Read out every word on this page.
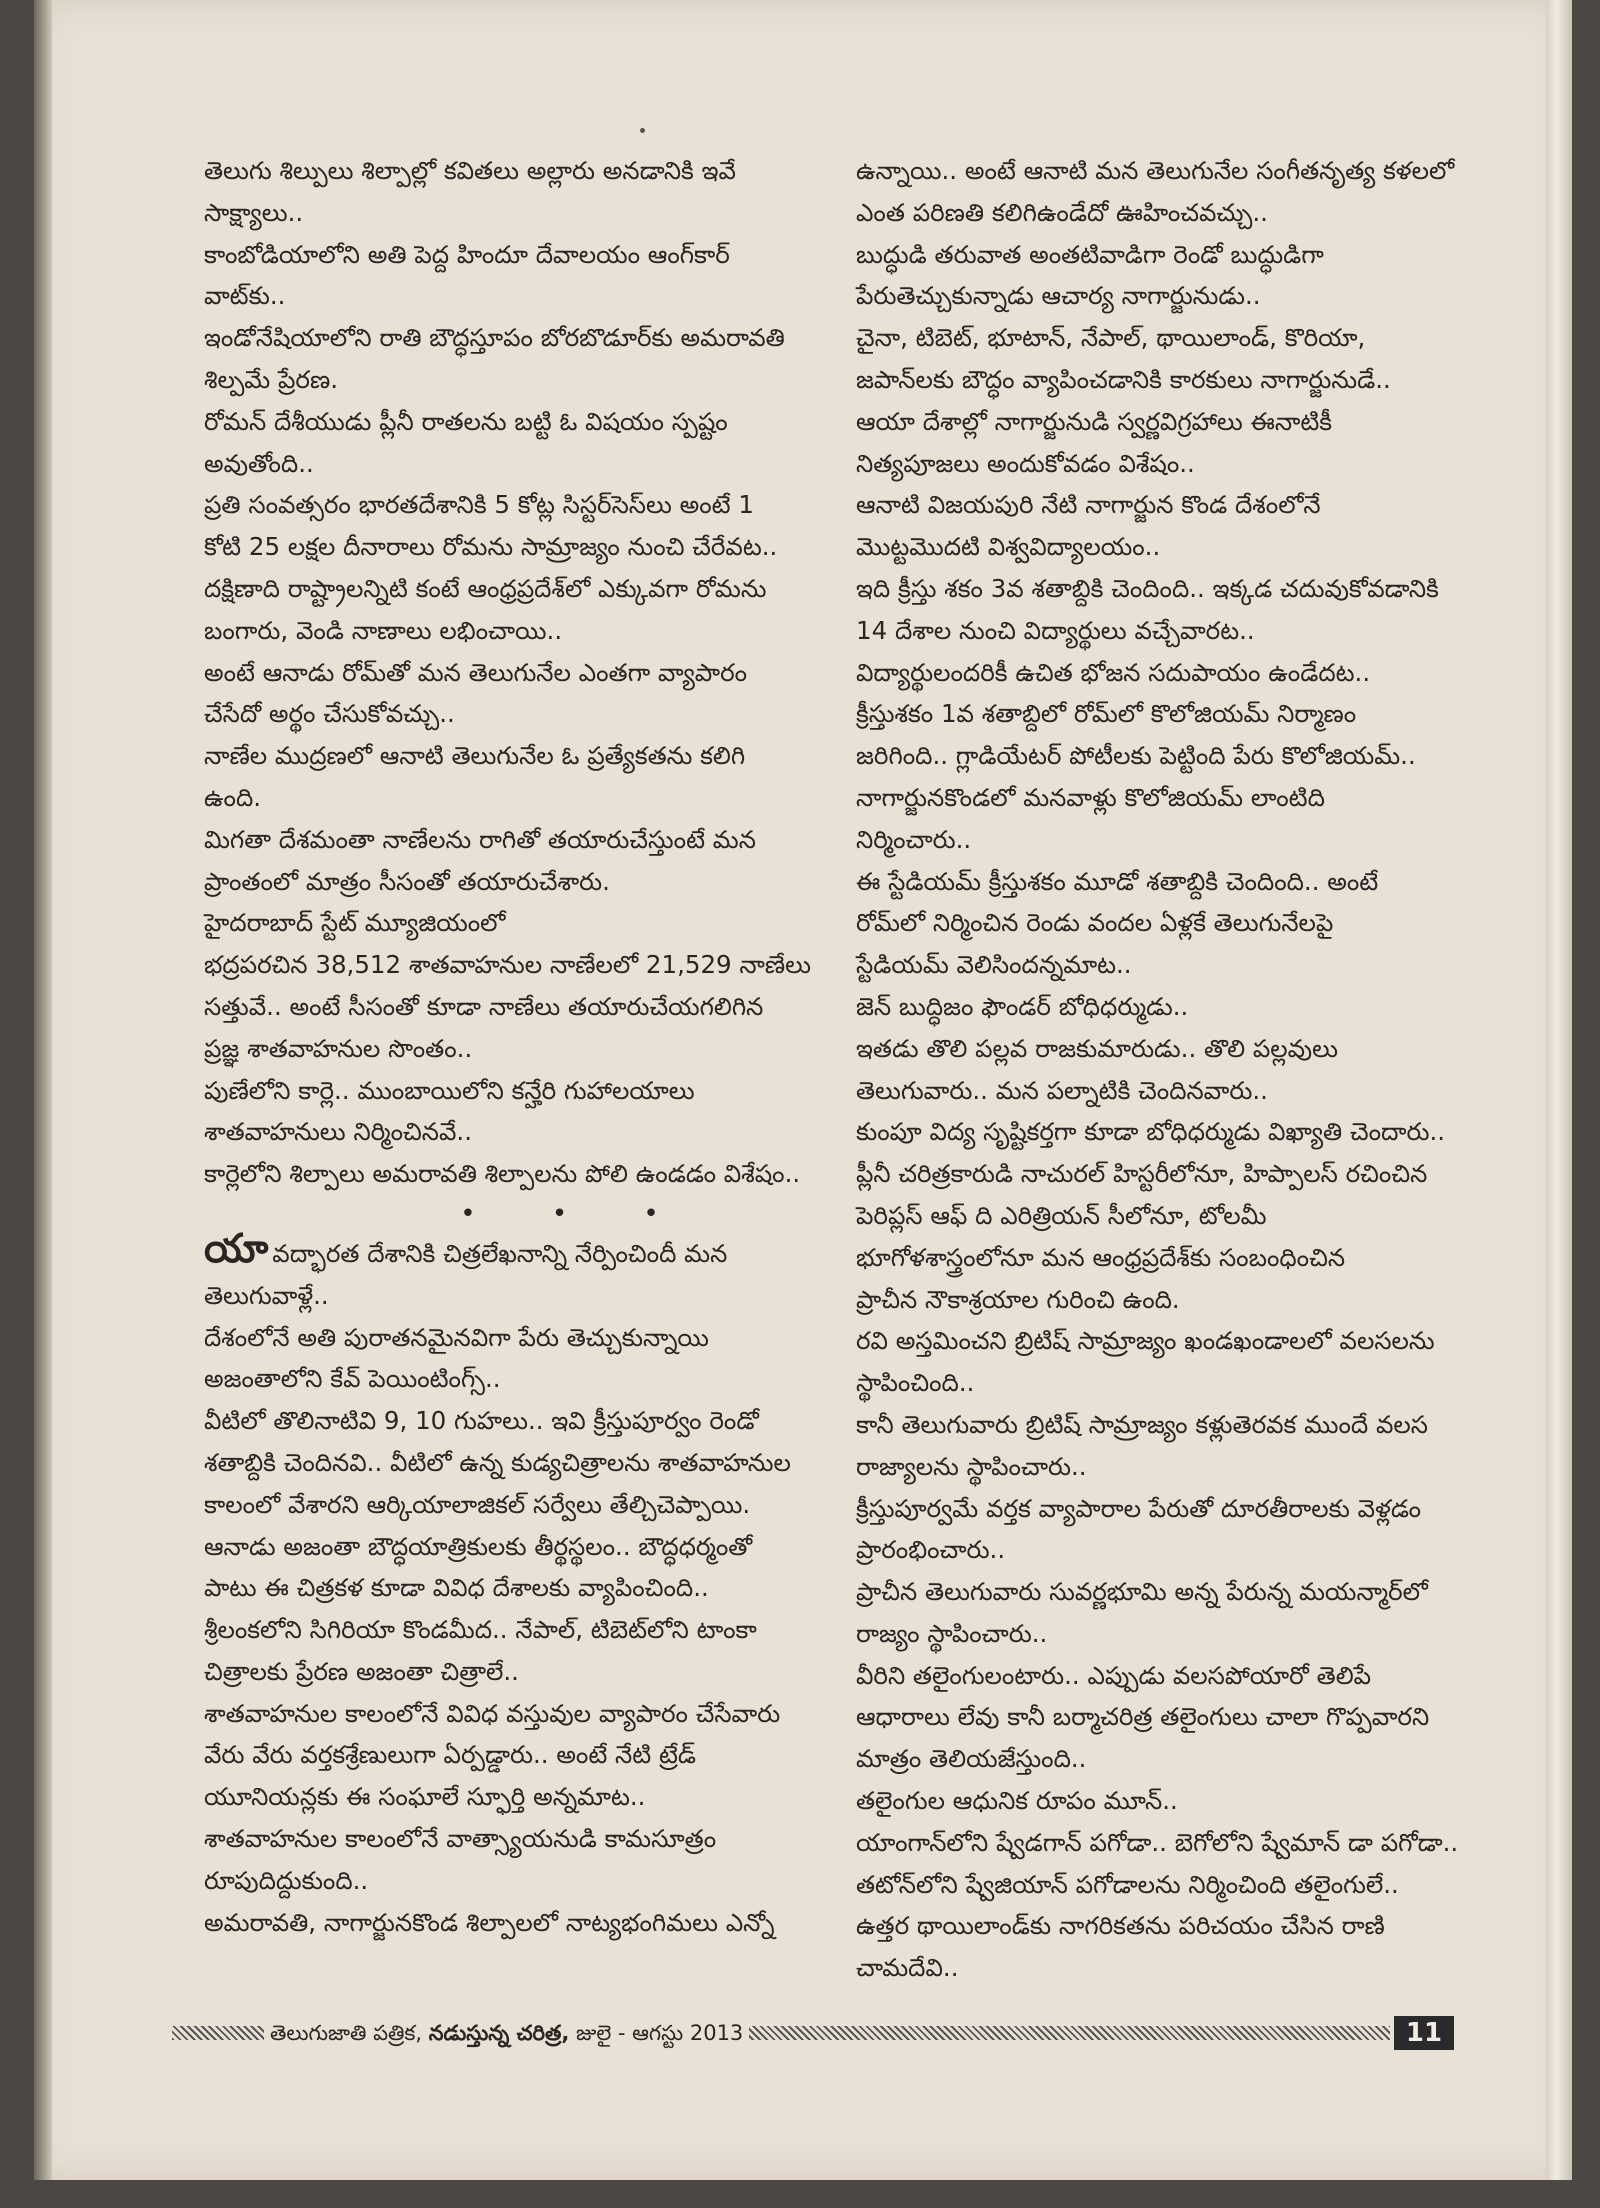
తెలుగు శిల్పులు శిల్పాల్లో కవితలు అల్లారు అనడానికి ఇవే

సాక్ష్యాలు..

కాంబోడియాలోని అతి పెద్ద హిందూ దేవాలయం ఆంగ్‌కార్

వాట్‌కు..

ఇండోనేషియాలోని రాతి బౌద్ధస్తూపం బోరబొడూర్‌కు అమరావతి

శిల్పమే ప్రేరణ.

రోమన్ దేశీయుడు ప్లీనీ రాతలను బట్టి ఓ విషయం స్పష్టం

అవుతోంది..

ప్రతి సంవత్సరం భారతదేశానికి 5 కోట్ల సిస్టర్‌సెస్‌లు అంటే 1

కోటి 25 లక్షల దీనారాలు రోమను సామ్రాజ్యం నుంచి చేరేవట..

దక్షిణాది రాష్ట్రాలన్నిటి కంటే ఆంధ్రప్రదేశ్‌లో ఎక్కువగా రోమను

బంగారు, వెండి నాణాలు లభించాయి..

అంటే ఆనాడు రోమ్‌తో మన తెలుగునేల ఎంతగా వ్యాపారం

చేసేదో అర్థం చేసుకోవచ్చు..

నాణేల ముద్రణలో ఆనాటి తెలుగునేల ఓ ప్రత్యేకతను కలిగి

ఉంది.

మిగతా దేశమంతా నాణేలను రాగితో తయారుచేస్తుంటే మన

ప్రాంతంలో మాత్రం సీసంతో తయారుచేశారు.

హైదరాబాద్ స్టేట్ మ్యూజియంలో

భద్రపరచిన 38,512 శాతవాహనుల నాణేలలో 21,529 నాణేలు

సత్తువే.. అంటే సీసంతో కూడా నాణేలు తయారుచేయగలిగిన

ప్రజ్ఞ శాతవాహనుల సొంతం..

పుణేలోని కార్లె.. ముంబాయిలోని కన్హేరి గుహాలయాలు

శాతవాహనులు నిర్మించినవే..

కార్లెలోని శిల్పాలు అమరావతి శిల్పాలను పోలి ఉండడం విశేషం..

• • •

యావద్భారత దేశానికి చిత్రలేఖనాన్ని నేర్పించిందీ మన

తెలుగువాళ్లే..

దేశంలోనే అతి పురాతనమైనవిగా పేరు తెచ్చుకున్నాయి

అజంతాలోని కేవ్ పెయింటింగ్స్..

వీటిలో తొలినాటివి 9, 10 గుహలు.. ఇవి క్రీస్తుపూర్వం రెండో

శతాబ్దికి చెందినవి.. వీటిలో ఉన్న కుడ్యచిత్రాలను శాతవాహనుల

కాలంలో వేశారని ఆర్కియాలాజికల్ సర్వేలు తేల్చిచెప్పాయి.

ఆనాడు అజంతా బౌద్ధయాత్రికులకు తీర్థస్థలం.. బౌద్ధధర్మంతో

పాటు ఈ చిత్రకళ కూడా వివిధ దేశాలకు వ్యాపించింది..

శ్రీలంకలోని సిగిరియా కొండమీద.. నేపాల్, టిబెట్‌లోని టాంకా

చిత్రాలకు ప్రేరణ అజంతా చిత్రాలే..

శాతవాహనుల కాలంలోనే వివిధ వస్తువుల వ్యాపారం చేసేవారు

వేరు వేరు వర్తకశ్రేణులుగా ఏర్పడ్డారు.. అంటే నేటి ట్రేడ్

యూనియన్లకు ఈ సంఘాలే స్ఫూర్తి అన్నమాట..

శాతవాహనుల కాలంలోనే వాత్స్యాయనుడి కామసూత్రం

రూపుదిద్దుకుంది..

అమరావతి, నాగార్జునకొండ శిల్పాలలో నాట్యభంగిమలు ఎన్నో

ఉన్నాయి.. అంటే ఆనాటి మన తెలుగునేల సంగీతనృత్య కళలలో

ఎంత పరిణతి కలిగిఉండేదో ఊహించవచ్చు..

బుద్ధుడి తరువాత అంతటివాడిగా రెండో బుద్ధుడిగా

పేరుతెచ్చుకున్నాడు ఆచార్య నాగార్జునుడు..

చైనా, టిబెట్, భూటాన్, నేపాల్, థాయిలాండ్, కొరియా,

జపాన్‌లకు బౌద్ధం వ్యాపించడానికి కారకులు నాగార్జునుడే..

ఆయా దేశాల్లో నాగార్జునుడి స్వర్ణవిగ్రహాలు ఈనాటికీ

నిత్యపూజలు అందుకోవడం విశేషం..

ఆనాటి విజయపురి నేటి నాగార్జున కొండ దేశంలోనే

మొట్టమొదటి విశ్వవిద్యాలయం..

ఇది క్రీస్తు శకం 3వ శతాబ్దికి చెందింది.. ఇక్కడ చదువుకోవడానికి

14 దేశాల నుంచి విద్యార్థులు వచ్చేవారట..

విద్యార్థులందరికీ ఉచిత భోజన సదుపాయం ఉండేదట..

క్రీస్తుశకం 1వ శతాబ్దిలో రోమ్‌లో కొలోజియమ్ నిర్మాణం

జరిగింది.. గ్లాడియేటర్ పోటీలకు పెట్టింది పేరు కొలోజియమ్..

నాగార్జునకొండలో మనవాళ్లు కొలోజియమ్ లాంటిది

నిర్మించారు..

ఈ స్టేడియమ్ క్రీస్తుశకం మూడో శతాబ్దికి చెందింది.. అంటే

రోమ్‌లో నిర్మించిన రెండు వందల ఏళ్లకే తెలుగునేలపై

స్టేడియమ్ వెలిసిందన్నమాట..

జెన్ బుద్ధిజం ఫౌండర్ బోధిధర్ముడు..

ఇతడు తొలి పల్లవ రాజకుమారుడు.. తొలి పల్లవులు

తెలుగువారు.. మన పల్నాటికి చెందినవారు..

కుంపూ విద్య సృష్టికర్తగా కూడా బోధిధర్ముడు విఖ్యాతి చెందారు..

ప్లీనీ చరిత్రకారుడి నాచురల్ హిస్టరీలోనూ, హిప్పాలస్ రచించిన

పెరిప్లస్ ఆఫ్ ది ఎరిత్రియన్ సీలోనూ, టోలమీ

భూగోళశాస్త్రంలోనూ మన ఆంధ్రప్రదేశ్‌కు సంబంధించిన

ప్రాచీన నౌకాశ్రయాల గురించి ఉంది.

రవి అస్తమించని బ్రిటిష్ సామ్రాజ్యం ఖండఖండాలలో వలసలను

స్థాపించింది..

కానీ తెలుగువారు బ్రిటిష్ సామ్రాజ్యం కళ్లుతెరవక ముందే వలస

రాజ్యాలను స్థాపించారు..

క్రీస్తుపూర్వమే వర్తక వ్యాపారాల పేరుతో దూరతీరాలకు వెళ్లడం

ప్రారంభించారు..

ప్రాచీన తెలుగువారు సువర్ణభూమి అన్న పేరున్న మయన్మార్‌లో

రాజ్యం స్థాపించారు..

వీరిని తలైంగులంటారు.. ఎప్పుడు వలసపోయారో తెలిపే

ఆధారాలు లేవు కానీ బర్మాచరిత్ర తలైంగులు చాలా గొప్పవారని

మాత్రం తెలియజేస్తుంది..

తలైంగుల ఆధునిక రూపం మూన్..

యాంగాన్‌లోని ష్వేడగాన్ పగోడా.. బెగోలోని ష్వేమాన్ డా పగోడా..

తటోన్‌లోని ష్వేజియాన్ పగోడాలను నిర్మించింది తలైంగులే..

ఉత్తర థాయిలాండ్‌కు నాగరికతను పరిచయం చేసిన రాణి

చామదేవి..

తెలుగుజాతి పత్రిక, నడుస్తున్న చరిత్ర, జులై - ఆగస్టు 2013	11
